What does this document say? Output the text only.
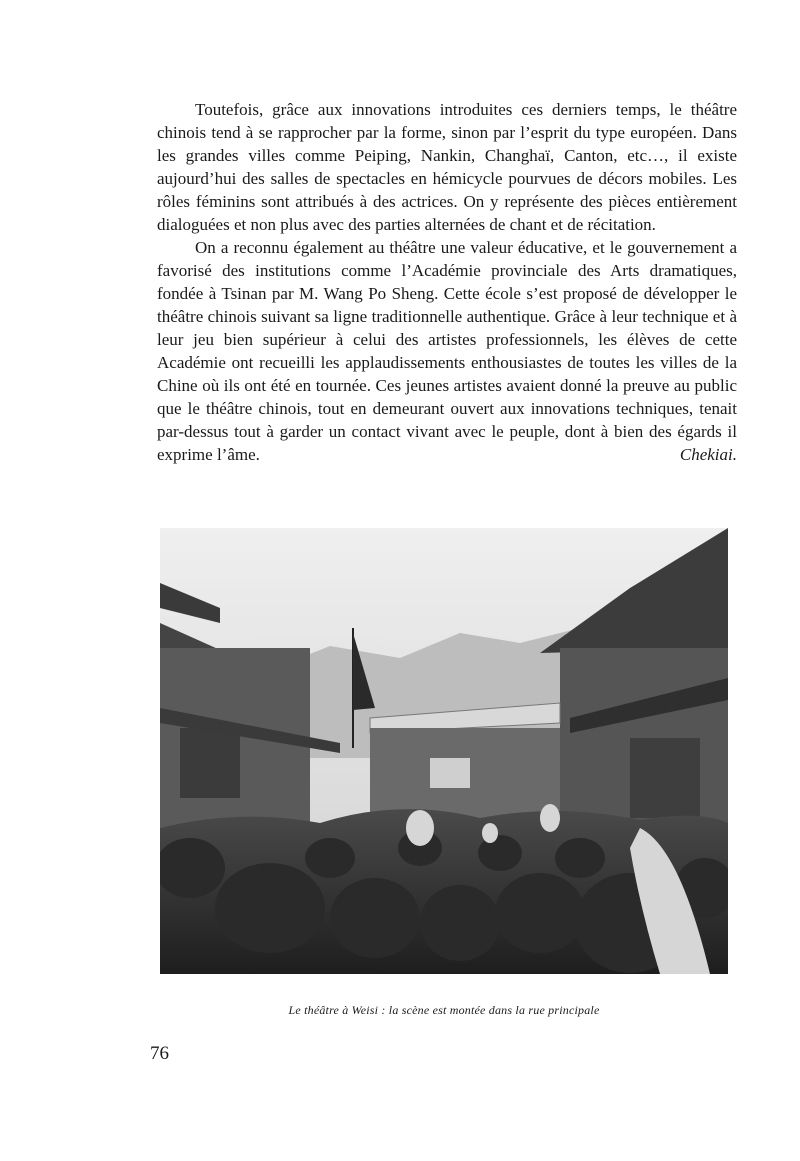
Toutefois, grâce aux innovations introduites ces derniers temps, le théâtre chinois tend à se rapprocher par la forme, sinon par l’esprit du type européen. Dans les grandes villes comme Peiping, Nankin, Changhaï, Canton, etc…, il existe aujourd’hui des salles de spectacles en hémicycle pourvues de décors mobiles. Les rôles féminins sont attribués à des actrices. On y représente des pièces entièrement dialoguées et non plus avec des parties alternées de chant et de récitation.

On a reconnu également au théâtre une valeur éducative, et le gouvernement a favorisé des institutions comme l’Académie provinciale des Arts dramatiques, fondée à Tsinan par M. Wang Po Sheng. Cette école s’est proposé de développer le théâtre chinois suivant sa ligne traditionnelle authentique. Grâce à leur technique et à leur jeu bien supérieur à celui des artistes professionnels, les élèves de cette Académie ont recueilli les applaudissements enthousiastes de toutes les villes de la Chine où ils ont été en tournée. Ces jeunes artistes avaient donné la preuve au public que le théâtre chinois, tout en demeurant ouvert aux innovations techniques, tenait par-dessus tout à garder un contact vivant avec le peuple, dont à bien des égards il exprime l’âme.	Chekiai.

Le théâtre à Weisi : la scène est montée dans la rue principale
76
